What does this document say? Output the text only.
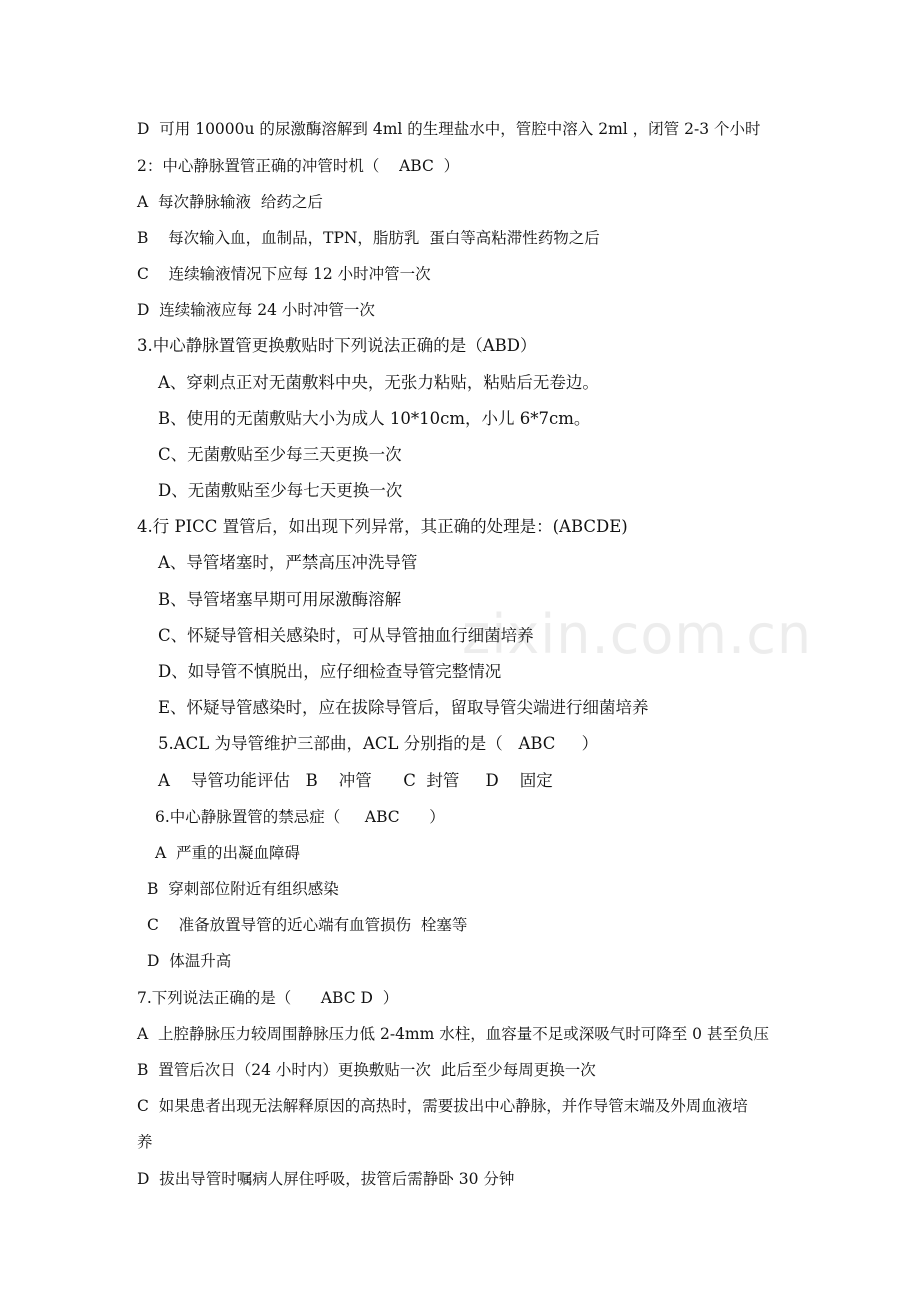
zixin.com.cn
D  可用 10000u 的尿激酶溶解到 4ml 的生理盐水中，管腔中溶入 2ml ，闭管 2-3 个小时
2：中心静脉置管正确的冲管时机（    ABC  ）
A  每次静脉输液  给药之后
B    每次输入血，血制品，TPN，脂肪乳  蛋白等高粘滞性药物之后
C    连续输液情况下应每 12 小时冲管一次
D  连续输液应每 24 小时冲管一次
3.中心静脉置管更换敷贴时下列说法正确的是（ABD）
A、穿刺点正对无菌敷料中央，无张力粘贴，粘贴后无卷边。
B、使用的无菌敷贴大小为成人 10*10cm，小儿 6*7cm。
C、无菌敷贴至少每三天更换一次
D、无菌敷贴至少每七天更换一次
4.行 PICC 置管后，如出现下列异常，其正确的处理是：(ABCDE)
A、导管堵塞时，严禁高压冲洗导管
B、导管堵塞早期可用尿激酶溶解
C、怀疑导管相关感染时，可从导管抽血行细菌培养
D、如导管不慎脱出，应仔细检查导管完整情况
E、怀疑导管感染时，应在拔除导管后，留取导管尖端进行细菌培养
5.ACL 为导管维护三部曲，ACL 分别指的是（   ABC     ）
A    导管功能评估   B    冲管      C  封管     D    固定
6.中心静脉置管的禁忌症（     ABC      ）
A  严重的出凝血障碍
B  穿刺部位附近有组织感染
C    准备放置导管的近心端有血管损伤  栓塞等
D  体温升高
7.下列说法正确的是（      ABC D  ）
A  上腔静脉压力较周围静脉压力低 2-4mm 水柱，血容量不足或深吸气时可降至 0 甚至负压
B  置管后次日（24 小时内）更换敷贴一次  此后至少每周更换一次
C  如果患者出现无法解释原因的高热时，需要拔出中心静脉，并作导管末端及外周血液培
养
D  拔出导管时嘱病人屏住呼吸，拔管后需静卧 30 分钟
